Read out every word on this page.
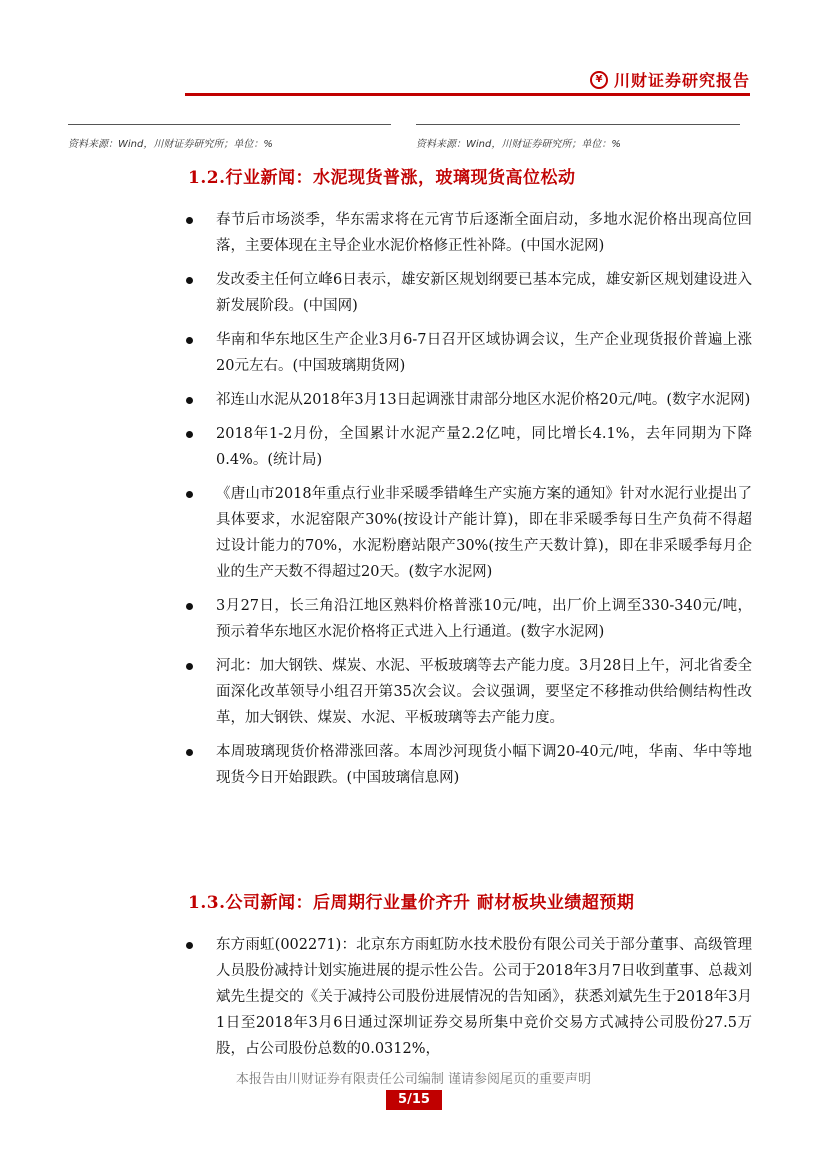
¥ 川财证券研究报告
资料来源：Wind，川财证券研究所；单位：%	资料来源：Wind，川财证券研究所；单位：%
1.2.行业新闻：水泥现货普涨，玻璃现货高位松动
春节后市场淡季，华东需求将在元宵节后逐渐全面启动，多地水泥价格出现高位回落，主要体现在主导企业水泥价格修正性补降。(中国水泥网)
发改委主任何立峰6日表示，雄安新区规划纲要已基本完成，雄安新区规划建设进入新发展阶段。(中国网)
华南和华东地区生产企业3月6-7日召开区域协调会议，生产企业现货报价普遍上涨20元左右。(中国玻璃期货网)
祁连山水泥从2018年3月13日起调涨甘肃部分地区水泥价格20元/吨。(数字水泥网)
2018年1-2月份，全国累计水泥产量2.2亿吨，同比增长4.1%，去年同期为下降0.4%。(统计局)
《唐山市2018年重点行业非采暖季错峰生产实施方案的通知》针对水泥行业提出了具体要求，水泥窑限产30%(按设计产能计算)，即在非采暖季每日生产负荷不得超过设计能力的70%，水泥粉磨站限产30%(按生产天数计算)，即在非采暖季每月企业的生产天数不得超过20天。(数字水泥网)
3月27日，长三角沿江地区熟料价格普涨10元/吨，出厂价上调至330-340元/吨，预示着华东地区水泥价格将正式进入上行通道。(数字水泥网)
河北：加大钢铁、煤炭、水泥、平板玻璃等去产能力度。3月28日上午，河北省委全面深化改革领导小组召开第35次会议。会议强调，要坚定不移推动供给侧结构性改革，加大钢铁、煤炭、水泥、平板玻璃等去产能力度。
本周玻璃现货价格滞涨回落。本周沙河现货小幅下调20-40元/吨，华南、华中等地现货今日开始跟跌。(中国玻璃信息网)
1.3.公司新闻：后周期行业量价齐升 耐材板块业绩超预期
东方雨虹(002271)：北京东方雨虹防水技术股份有限公司关于部分董事、高级管理人员股份减持计划实施进展的提示性公告。公司于2018年3月7日收到董事、总裁刘斌先生提交的《关于减持公司股份进展情况的告知函》，获悉刘斌先生于2018年3月1日至2018年3月6日通过深圳证券交易所集中竞价交易方式减持公司股份27.5万股，占公司股份总数的0.0312%，
本报告由川财证券有限责任公司编制 谨请参阅尾页的重要声明
5/15
